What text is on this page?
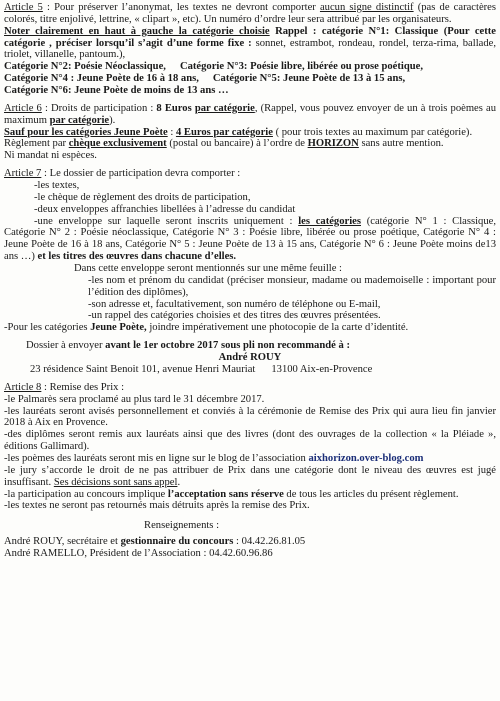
Article 5 : Pour préserver l’anonymat, les textes ne devront comporter aucun signe distinctif (pas de caractères colorés, titre enjolivé, lettrine, « clipart », etc). Un numéro d’ordre leur sera attribué par les organisateurs.

Noter clairement en haut à gauche la catégorie choisie Rappel : catégorie N°1: Classique (Pour cette catégorie , préciser lorsqu’il s’agit d’une forme fixe : sonnet, estrambot, rondeau, rondel, terza-rima, ballade, triolet, villanelle, pantoum.),

Catégorie N°2: Poésie Néoclassique, Catégorie N°3: Poésie libre, libérée ou prose poétique,
Catégorie N°4 : Jeune Poète de 16 à 18 ans, Catégorie N°5: Jeune Poète de 13 à 15 ans,
Catégorie N°6: Jeune Poète de moins de 13 ans …

Article 6 : Droits de participation : 8 Euros par catégorie, (Rappel, vous pouvez envoyer de un à trois poèmes au maximum par catégorie).

Sauf pour les catégories Jeune Poète : 4 Euros par catégorie ( pour trois textes au maximum par catégorie).

Règlement par chèque exclusivement (postal ou bancaire) à l’ordre de HORIZON sans autre mention.
Ni mandat ni espèces.

Article 7 : Le dossier de participation devra comporter :

-les textes,

-le chèque de règlement des droits de participation,

-deux enveloppes affranchies libellées à l’adresse du candidat

-une enveloppe sur laquelle seront inscrits uniquement : les catégories (catégorie N° 1 : Classique, Catégorie N° 2 : Poésie néoclassique, Catégorie N° 3 : Poésie libre, libérée ou prose poétique, Catégorie N° 4 : Jeune Poète de 16 à 18 ans, Catégorie N° 5 : Jeune Poète de 13 à 15 ans, Catégorie N° 6 : Jeune Poète moins de13 ans …) et les titres des œuvres dans chacune d’elles.

Dans cette enveloppe seront mentionnés sur une même feuille :

-les nom et prénom du candidat (préciser monsieur, madame ou mademoiselle : important pour l’édition des diplômes),

-son adresse et, facultativement, son numéro de téléphone ou E-mail,

-un rappel des catégories choisies et des titres des œuvres présentées.

-Pour les catégories Jeune Poète, joindre impérativement une photocopie de la carte d’identité.

Dossier à envoyer avant le 1er octobre 2017 sous pli non recommandé à :

André ROUY

23 résidence Saint Benoit 101, avenue Henri Mauriat 13100 Aix-en-Provence

Article 8 : Remise des Prix :

-le Palmarès sera proclamé au plus tard le 31 décembre 2017.

-les lauréats seront avisés personnellement et conviés à la cérémonie de Remise des Prix qui aura lieu fin janvier 2018 à Aix en Provence.

-des diplômes seront remis aux lauréats ainsi que des livres (dont des ouvrages de la collection « la Pléiade », éditions Gallimard).

-les poèmes des lauréats seront mis en ligne sur le blog de l’association aixhorizon.over-blog.com

-le jury s’accorde le droit de ne pas attribuer de Prix dans une catégorie dont le niveau des œuvres est jugé insuffisant. Ses décisions sont sans appel.

-la participation au concours implique l’acceptation sans réserve de tous les articles du présent règlement.

-les textes ne seront pas retournés mais détruits après la remise des Prix.

Renseignements :

André ROUY, secrétaire et gestionnaire du concours : 04.42.26.81.05

André RAMELLO, Président de l’Association : 04.42.60.96.86
